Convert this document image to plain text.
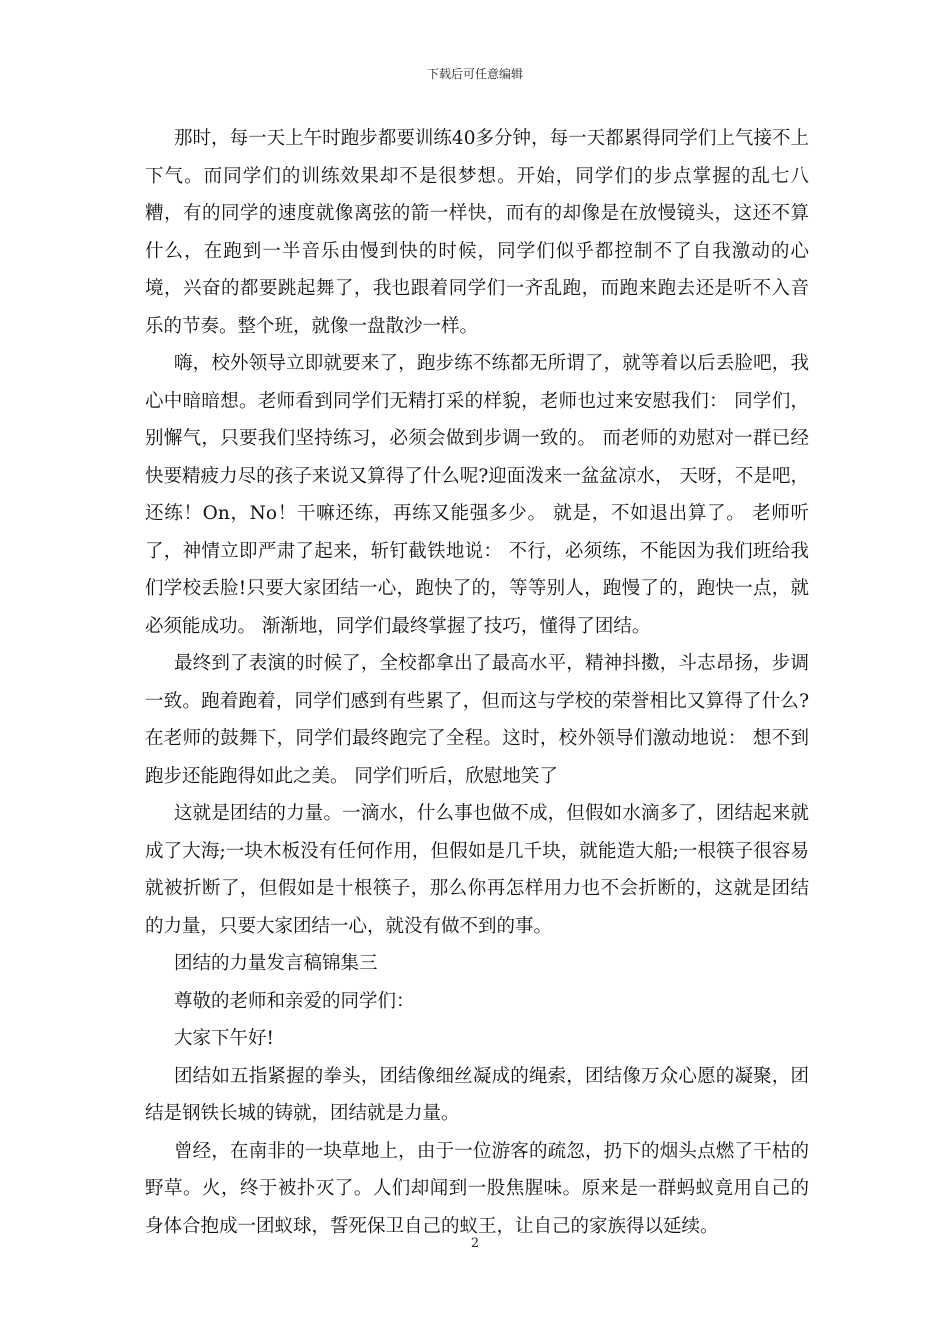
下载后可任意编辑

那时，每一天上午时跑步都要训练40多分钟，每一天都累得同学们上气接不上下气。而同学们的训练效果却不是很梦想。开始，同学们的步点掌握的乱七八糟，有的同学的速度就像离弦的箭一样快，而有的却像是在放慢镜头，这还不算什么，在跑到一半音乐由慢到快的时候，同学们似乎都控制不了自我激动的心境，兴奋的都要跳起舞了，我也跟着同学们一齐乱跑，而跑来跑去还是听不入音乐的节奏。整个班，就像一盘散沙一样。

嗨，校外领导立即就要来了，跑步练不练都无所谓了，就等着以后丢脸吧，我心中暗暗想。老师看到同学们无精打采的样貌，老师也过来安慰我们： 同学们，别懈气，只要我们坚持练习，必须会做到步调一致的。 而老师的劝慰对一群已经快要精疲力尽的孩子来说又算得了什么呢?迎面泼来一盆盆凉水， 天呀，不是吧，还练！On，No！干嘛还练，再练又能强多少。 就是，不如退出算了。 老师听了，神情立即严肃了起来，斩钉截铁地说： 不行，必须练，不能因为我们班给我们学校丢脸!只要大家团结一心，跑快了的，等等别人，跑慢了的，跑快一点，就必须能成功。 渐渐地，同学们最终掌握了技巧，懂得了团结。

最终到了表演的时候了，全校都拿出了最高水平，精神抖擞，斗志昂扬，步调一致。跑着跑着，同学们感到有些累了，但而这与学校的荣誉相比又算得了什么?在老师的鼓舞下，同学们最终跑完了全程。这时，校外领导们激动地说： 想不到跑步还能跑得如此之美。 同学们听后，欣慰地笑了

这就是团结的力量。一滴水，什么事也做不成，但假如水滴多了，团结起来就成了大海;一块木板没有任何作用，但假如是几千块，就能造大船;一根筷子很容易就被折断了，但假如是十根筷子，那么你再怎样用力也不会折断的，这就是团结的力量，只要大家团结一心，就没有做不到的事。

团结的力量发言稿锦集三

尊敬的老师和亲爱的同学们：

大家下午好!

团结如五指紧握的拳头，团结像细丝凝成的绳索，团结像万众心愿的凝聚，团结是钢铁长城的铸就，团结就是力量。

曾经，在南非的一块草地上，由于一位游客的疏忽，扔下的烟头点燃了干枯的野草。火，终于被扑灭了。人们却闻到一股焦腥味。原来是一群蚂蚁竟用自己的身体合抱成一团蚁球，誓死保卫自己的蚁王，让自己的家族得以延续。

2
